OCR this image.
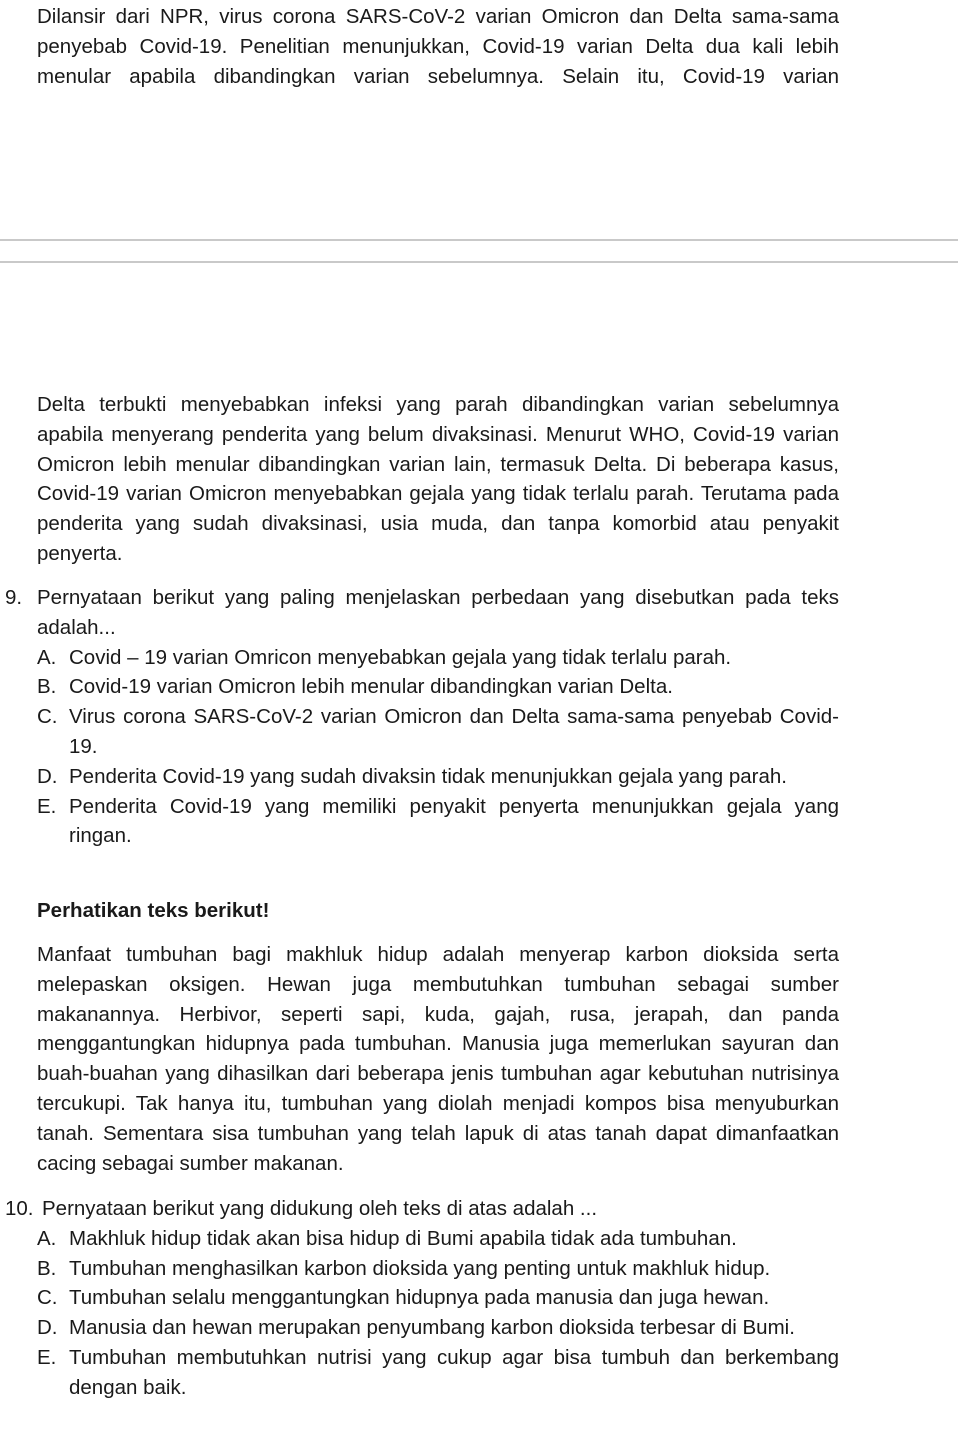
Dilansir dari NPR, virus corona SARS-CoV-2 varian Omicron dan Delta sama-sama penyebab Covid-19. Penelitian menunjukkan, Covid-19 varian Delta dua kali lebih menular apabila dibandingkan varian sebelumnya. Selain itu, Covid-19 varian

Delta terbukti menyebabkan infeksi yang parah dibandingkan varian sebelumnya apabila menyerang penderita yang belum divaksinasi. Menurut WHO, Covid-19 varian Omicron lebih menular dibandingkan varian lain, termasuk Delta. Di beberapa kasus, Covid-19 varian Omicron menyebabkan gejala yang tidak terlalu parah. Terutama pada penderita yang sudah divaksinasi, usia muda, dan tanpa komorbid atau penyakit penyerta.

9. Pernyataan berikut yang paling menjelaskan perbedaan yang disebutkan pada teks adalah...
A. Covid – 19 varian Omricon menyebabkan gejala yang tidak terlalu parah.
B. Covid-19 varian Omicron lebih menular dibandingkan varian Delta.
C. Virus corona SARS-CoV-2 varian Omicron dan Delta sama-sama penyebab Covid-19.
D. Penderita Covid-19 yang sudah divaksin tidak menunjukkan gejala yang parah.
E. Penderita Covid-19 yang memiliki penyakit penyerta menunjukkan gejala yang ringan.
Perhatikan teks berikut!

Manfaat tumbuhan bagi makhluk hidup adalah menyerap karbon dioksida serta melepaskan oksigen. Hewan juga membutuhkan tumbuhan sebagai sumber makanannya. Herbivor, seperti sapi, kuda, gajah, rusa, jerapah, dan panda menggantungkan hidupnya pada tumbuhan. Manusia juga memerlukan sayuran dan buah-buahan yang dihasilkan dari beberapa jenis tumbuhan agar kebutuhan nutrisinya tercukupi. Tak hanya itu, tumbuhan yang diolah menjadi kompos bisa menyuburkan tanah. Sementara sisa tumbuhan yang telah lapuk di atas tanah dapat dimanfaatkan cacing sebagai sumber makanan.

10. Pernyataan berikut yang didukung oleh teks di atas adalah ...
A. Makhluk hidup tidak akan bisa hidup di Bumi apabila tidak ada tumbuhan.
B. Tumbuhan menghasilkan karbon dioksida yang penting untuk makhluk hidup.
C. Tumbuhan selalu menggantungkan hidupnya pada manusia dan juga hewan.
D. Manusia dan hewan merupakan penyumbang karbon dioksida terbesar di Bumi.
E. Tumbuhan membutuhkan nutrisi yang cukup agar bisa tumbuh dan berkembang dengan baik.
